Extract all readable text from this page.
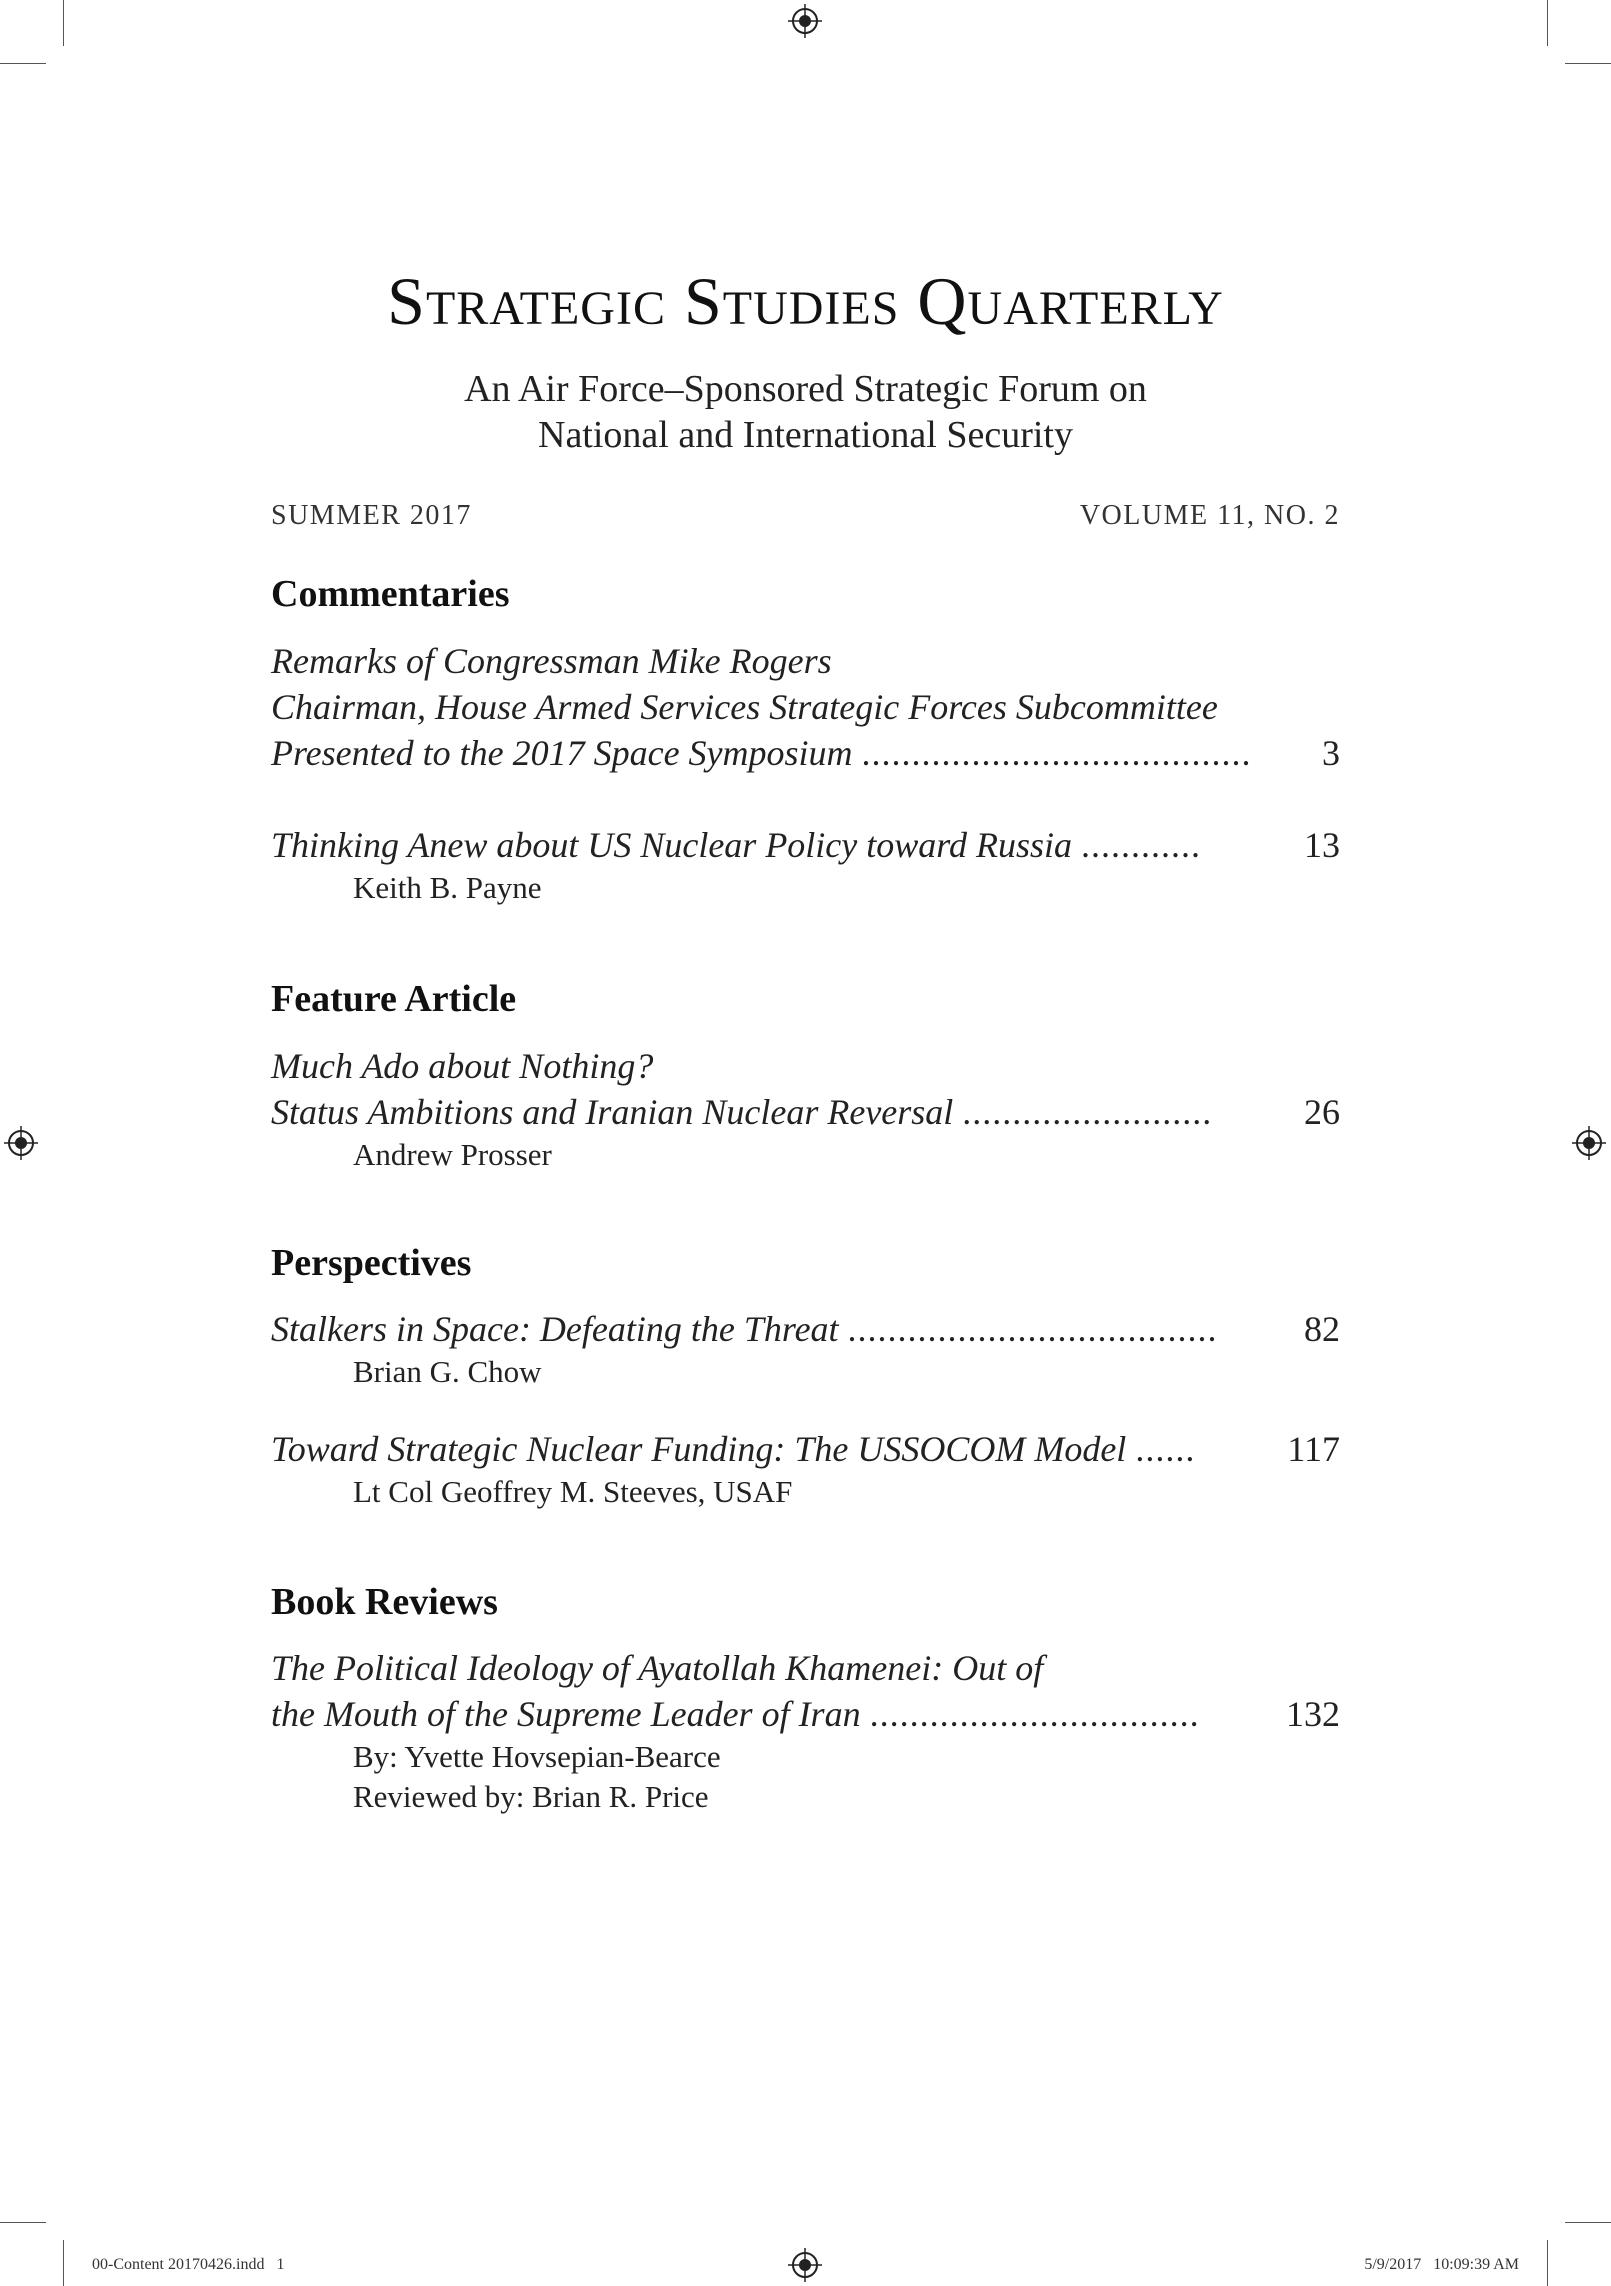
Strategic Studies Quarterly
An Air Force–Sponsored Strategic Forum on
National and International Security
SUMMER 2017	VOLUME 11, NO. 2
Commentaries
Remarks of Congressman Mike Rogers
Chairman, House Armed Services Strategic Forces Subcommittee
Presented to the 2017 Space Symposium ....................................... 3
Thinking Anew about US Nuclear Policy toward Russia ............	13
Keith B. Payne
Feature Article
Much Ado about Nothing?
Status Ambitions and Iranian Nuclear Reversal .........................	26
Andrew Prosser
Perspectives
Stalkers in Space: Defeating the Threat ..................................... 82
Brian G. Chow
Toward Strategic Nuclear Funding: The USSOCOM Model ......	117
Lt Col Geoffrey M. Steeves, USAF
Book Reviews
The Political Ideology of Ayatollah Khamenei: Out of
the Mouth of the Supreme Leader of Iran ................................. 132
By: Yvette Hovsepian-Bearce
Reviewed by: Brian R. Price
00-Content 20170426.indd   1	5/9/2017   10:09:39 AM
